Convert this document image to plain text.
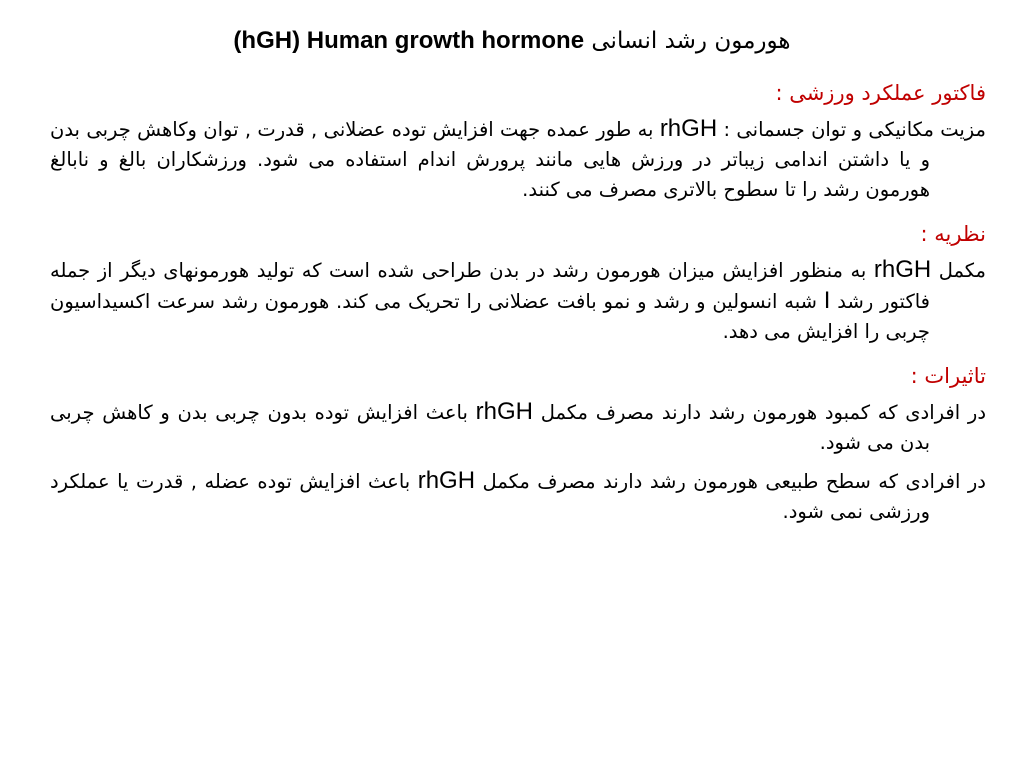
هورمون رشد انسانی (hGH) Human growth hormone
فاکتور عملکرد ورزشی :
مزیت مکانیکی و توان جسمانی : rhGH به طور عمده جهت افزایش توده عضلانی , قدرت , توان وکاهش چربی بدن و یا داشتن اندامی زیباتر در ورزش هایی مانند پرورش اندام استفاده می شود. ورزشکاران بالغ و نابالغ هورمون رشد را تا سطوح بالاتری مصرف می کنند.
نظریه :
مکمل rhGH به منظور افزایش میزان هورمون رشد در بدن طراحی شده است که تولید هورمونهای دیگر از جمله فاکتور رشد I شبه انسولین و رشد و نمو بافت عضلانی را تحریک می کند. هورمون رشد سرعت اکسیداسیون چربی را افزایش می دهد.
تاثیرات :
در افرادی که کمبود هورمون رشد دارند مصرف مکمل rhGH باعث افزایش توده بدون چربی بدن و کاهش چربی بدن می شود.
در افرادی که سطح طبیعی هورمون رشد دارند مصرف مکمل rhGH باعث افزایش توده عضله , قدرت یا عملکرد ورزشی نمی شود.
